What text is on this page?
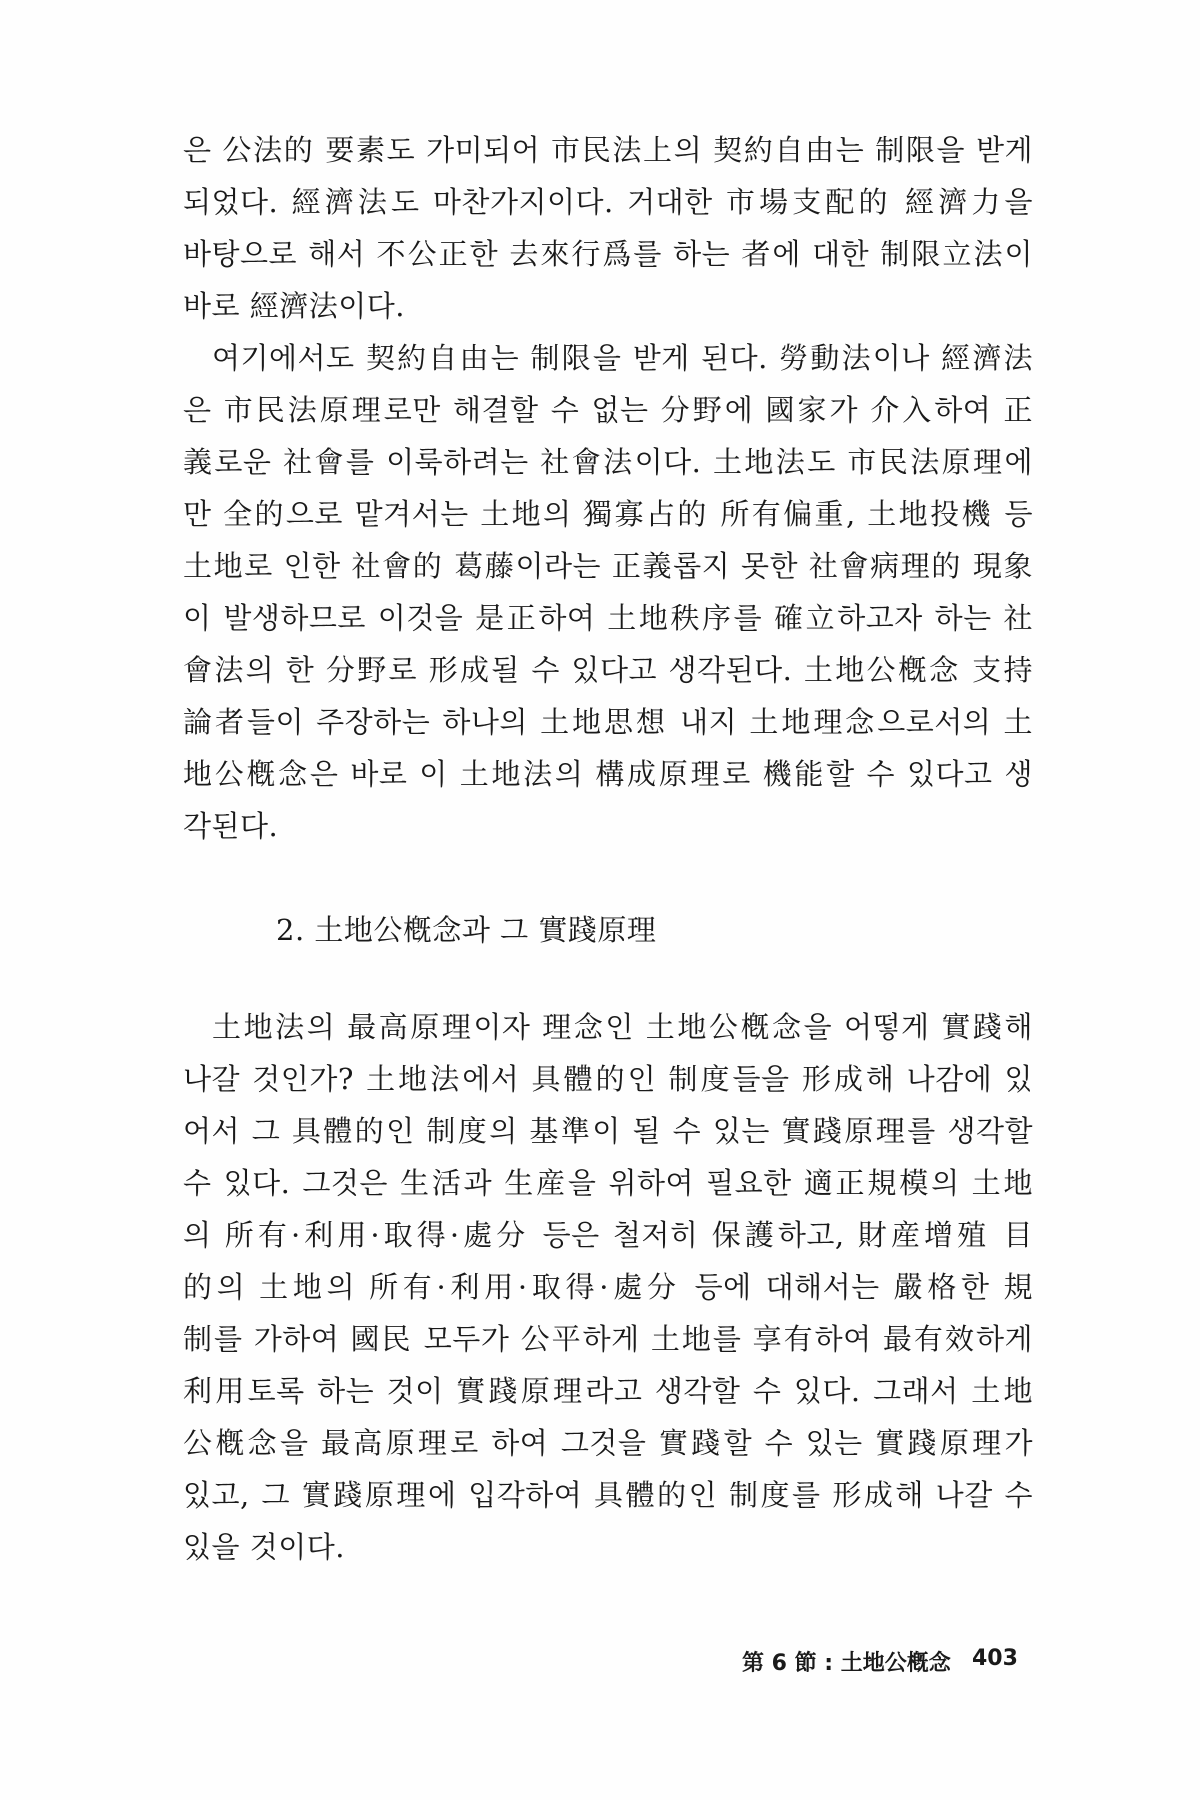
은 公法的 要素도 가미되어 市民法上의 契約自由는 制限을 받게
되었다. 經濟法도 마찬가지이다. 거대한 市場支配的 經濟力을
바탕으로 해서 不公正한 去來行爲를 하는 者에 대한 制限立法이
바로 經濟法이다.
여기에서도 契約自由는 制限을 받게 된다. 勞動法이나 經濟法
은 市民法原理로만 해결할 수 없는 分野에 國家가 介入하여 正
義로운 社會를 이룩하려는 社會法이다. 土地法도 市民法原理에
만 全的으로 맡겨서는 土地의 獨寡占的 所有偏重, 土地投機 등
土地로 인한 社會的 葛藤이라는 正義롭지 못한 社會病理的 現象
이 발생하므로 이것을 是正하여 土地秩序를 確立하고자 하는 社
會法의 한 分野로 形成될 수 있다고 생각된다. 土地公槪念 支持
論者들이 주장하는 하나의 土地思想 내지 土地理念으로서의 土
地公槪念은 바로 이 土地法의 構成原理로 機能할 수 있다고 생
각된다.
2. 土地公槪念과 그 實踐原理
土地法의 最高原理이자 理念인 土地公槪念을 어떻게 實踐해
나갈 것인가? 土地法에서 具體的인 制度들을 形成해 나감에 있
어서 그 具體的인 制度의 基準이 될 수 있는 實踐原理를 생각할
수 있다. 그것은 生活과 生産을 위하여 필요한 適正規模의 土地
의 所有·利用·取得·處分 등은 철저히 保護하고, 財産增殖 目
的의 土地의 所有·利用·取得·處分 등에 대해서는 嚴格한 規
制를 가하여 國民 모두가 公平하게 土地를 享有하여 最有效하게
利用토록 하는 것이 實踐原理라고 생각할 수 있다. 그래서 土地
公槪念을 最高原理로 하여 그것을 實踐할 수 있는 實踐原理가
있고, 그 實踐原理에 입각하여 具體的인 制度를 形成해 나갈 수
있을 것이다.
第 6 節 : 土地公槪念 403
